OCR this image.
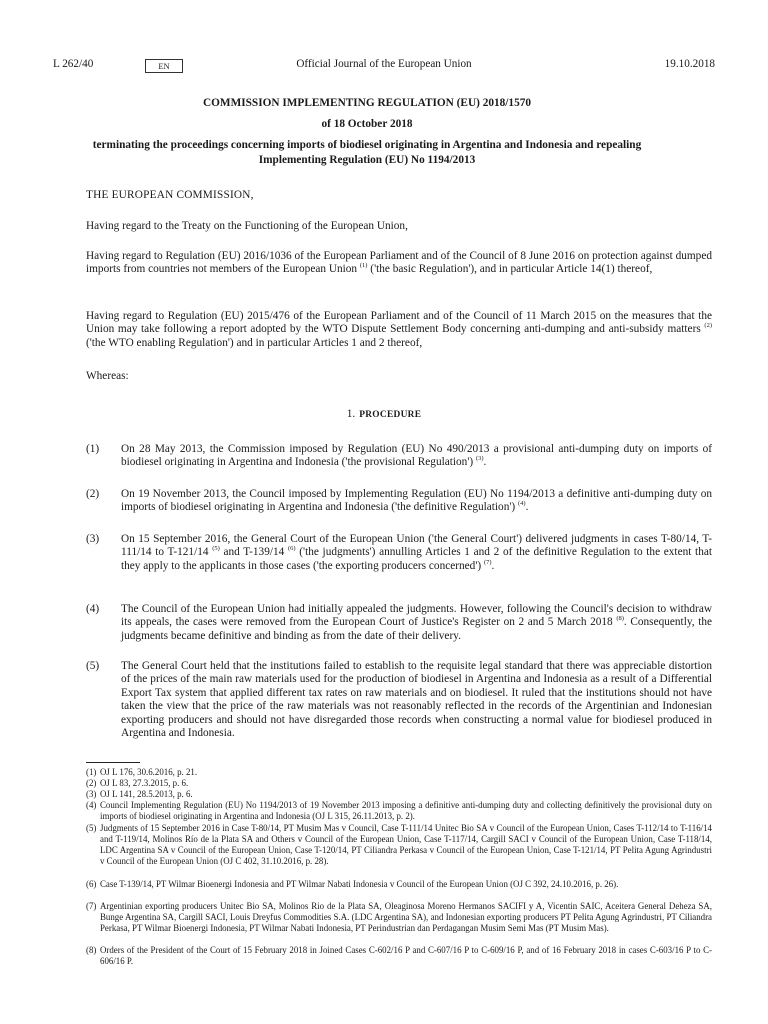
L 262/40	EN	Official Journal of the European Union	19.10.2018
COMMISSION IMPLEMENTING REGULATION (EU) 2018/1570
of 18 October 2018
terminating the proceedings concerning imports of biodiesel originating in Argentina and Indonesia and repealing Implementing Regulation (EU) No 1194/2013

THE EUROPEAN COMMISSION,

Having regard to the Treaty on the Functioning of the European Union,

Having regard to Regulation (EU) 2016/1036 of the European Parliament and of the Council of 8 June 2016 on protection against dumped imports from countries not members of the European Union $^{(1)}$ ('the basic Regulation'), and in particular Article 14(1) thereof,

Having regard to Regulation (EU) 2015/476 of the European Parliament and of the Council of 11 March 2015 on the measures that the Union may take following a report adopted by the WTO Dispute Settlement Body concerning anti-dumping and anti-subsidy matters $^{(2)}$ ('the WTO enabling Regulation') and in particular Articles 1 and 2 thereof,

Whereas:

1. PROCEDURE
(1) On 28 May 2013, the Commission imposed by Regulation (EU) No 490/2013 a provisional anti-dumping duty on imports of biodiesel originating in Argentina and Indonesia ('the provisional Regulation') $^{(3)}$.

(2) On 19 November 2013, the Council imposed by Implementing Regulation (EU) No 1194/2013 a definitive anti-dumping duty on imports of biodiesel originating in Argentina and Indonesia ('the definitive Regulation') $^{(4)}$.

(3) On 15 September 2016, the General Court of the European Union ('the General Court') delivered judgments in cases T-80/14, T-111/14 to T-121/14 $^{(5)}$ and T-139/14 $^{(6)}$ ('the judgments') annulling Articles 1 and 2 of the definitive Regulation to the extent that they apply to the applicants in those cases ('the exporting producers concerned') $^{(7)}$.

(4) The Council of the European Union had initially appealed the judgments. However, following the Council's decision to withdraw its appeals, the cases were removed from the European Court of Justice's Register on 2 and 5 March 2018 $^{(8)}$. Consequently, the judgments became definitive and binding as from the date of their delivery.

(5) The General Court held that the institutions failed to establish to the requisite legal standard that there was appreciable distortion of the prices of the main raw materials used for the production of biodiesel in Argentina and Indonesia as a result of a Differential Export Tax system that applied different tax rates on raw materials and on biodiesel. It ruled that the institutions should not have taken the view that the price of the raw materials was not reasonably reflected in the records of the Argentinian and Indonesian exporting producers and should not have disregarded those records when constructing a normal value for biodiesel produced in Argentina and Indonesia.

(1) OJ L 176, 30.6.2016, p. 21.
(2) OJ L 83, 27.3.2015, p. 6.
(3) OJ L 141, 28.5.2013, p. 6.
(4) Council Implementing Regulation (EU) No 1194/2013 of 19 November 2013 imposing a definitive anti-dumping duty and collecting definitively the provisional duty on imports of biodiesel originating in Argentina and Indonesia (OJ L 315, 26.11.2013, p. 2).
(5) Judgments of 15 September 2016 in Case T-80/14, PT Musim Mas v Council, Case T-111/14 Unitec Bio SA v Council of the European Union, Cases T-112/14 to T-116/14 and T-119/14, Molinos Río de la Plata SA and Others v Council of the European Union, Case T-117/14, Cargill SACI v Council of the European Union, Case T-118/14, LDC Argentina SA v Council of the European Union, Case T-120/14, PT Ciliandra Perkasa v Council of the European Union, Case T-121/14, PT Pelita Agung Agrindustri v Council of the European Union (OJ C 402, 31.10.2016, p. 28).
(6) Case T-139/14, PT Wilmar Bioenergi Indonesia and PT Wilmar Nabati Indonesia v Council of the European Union (OJ C 392, 24.10.2016, p. 26).
(7) Argentinian exporting producers Unitec Bio SA, Molinos Rio de la Plata SA, Oleaginosa Moreno Hermanos SACIFI y A, Vicentin SAIC, Aceitera General Deheza SA, Bunge Argentina SA, Cargill SACI, Louis Dreyfus Commodities S.A. (LDC Argentina SA), and Indonesian exporting producers PT Pelita Agung Agrindustri, PT Ciliandra Perkasa, PT Wilmar Bioenergi Indonesia, PT Wilmar Nabati Indonesia, PT Perindustrian dan Perdagangan Musim Semi Mas (PT Musim Mas).
(8) Orders of the President of the Court of 15 February 2018 in Joined Cases C-602/16 P and C-607/16 P to C-609/16 P, and of 16 February 2018 in cases C-603/16 P to C-606/16 P.
